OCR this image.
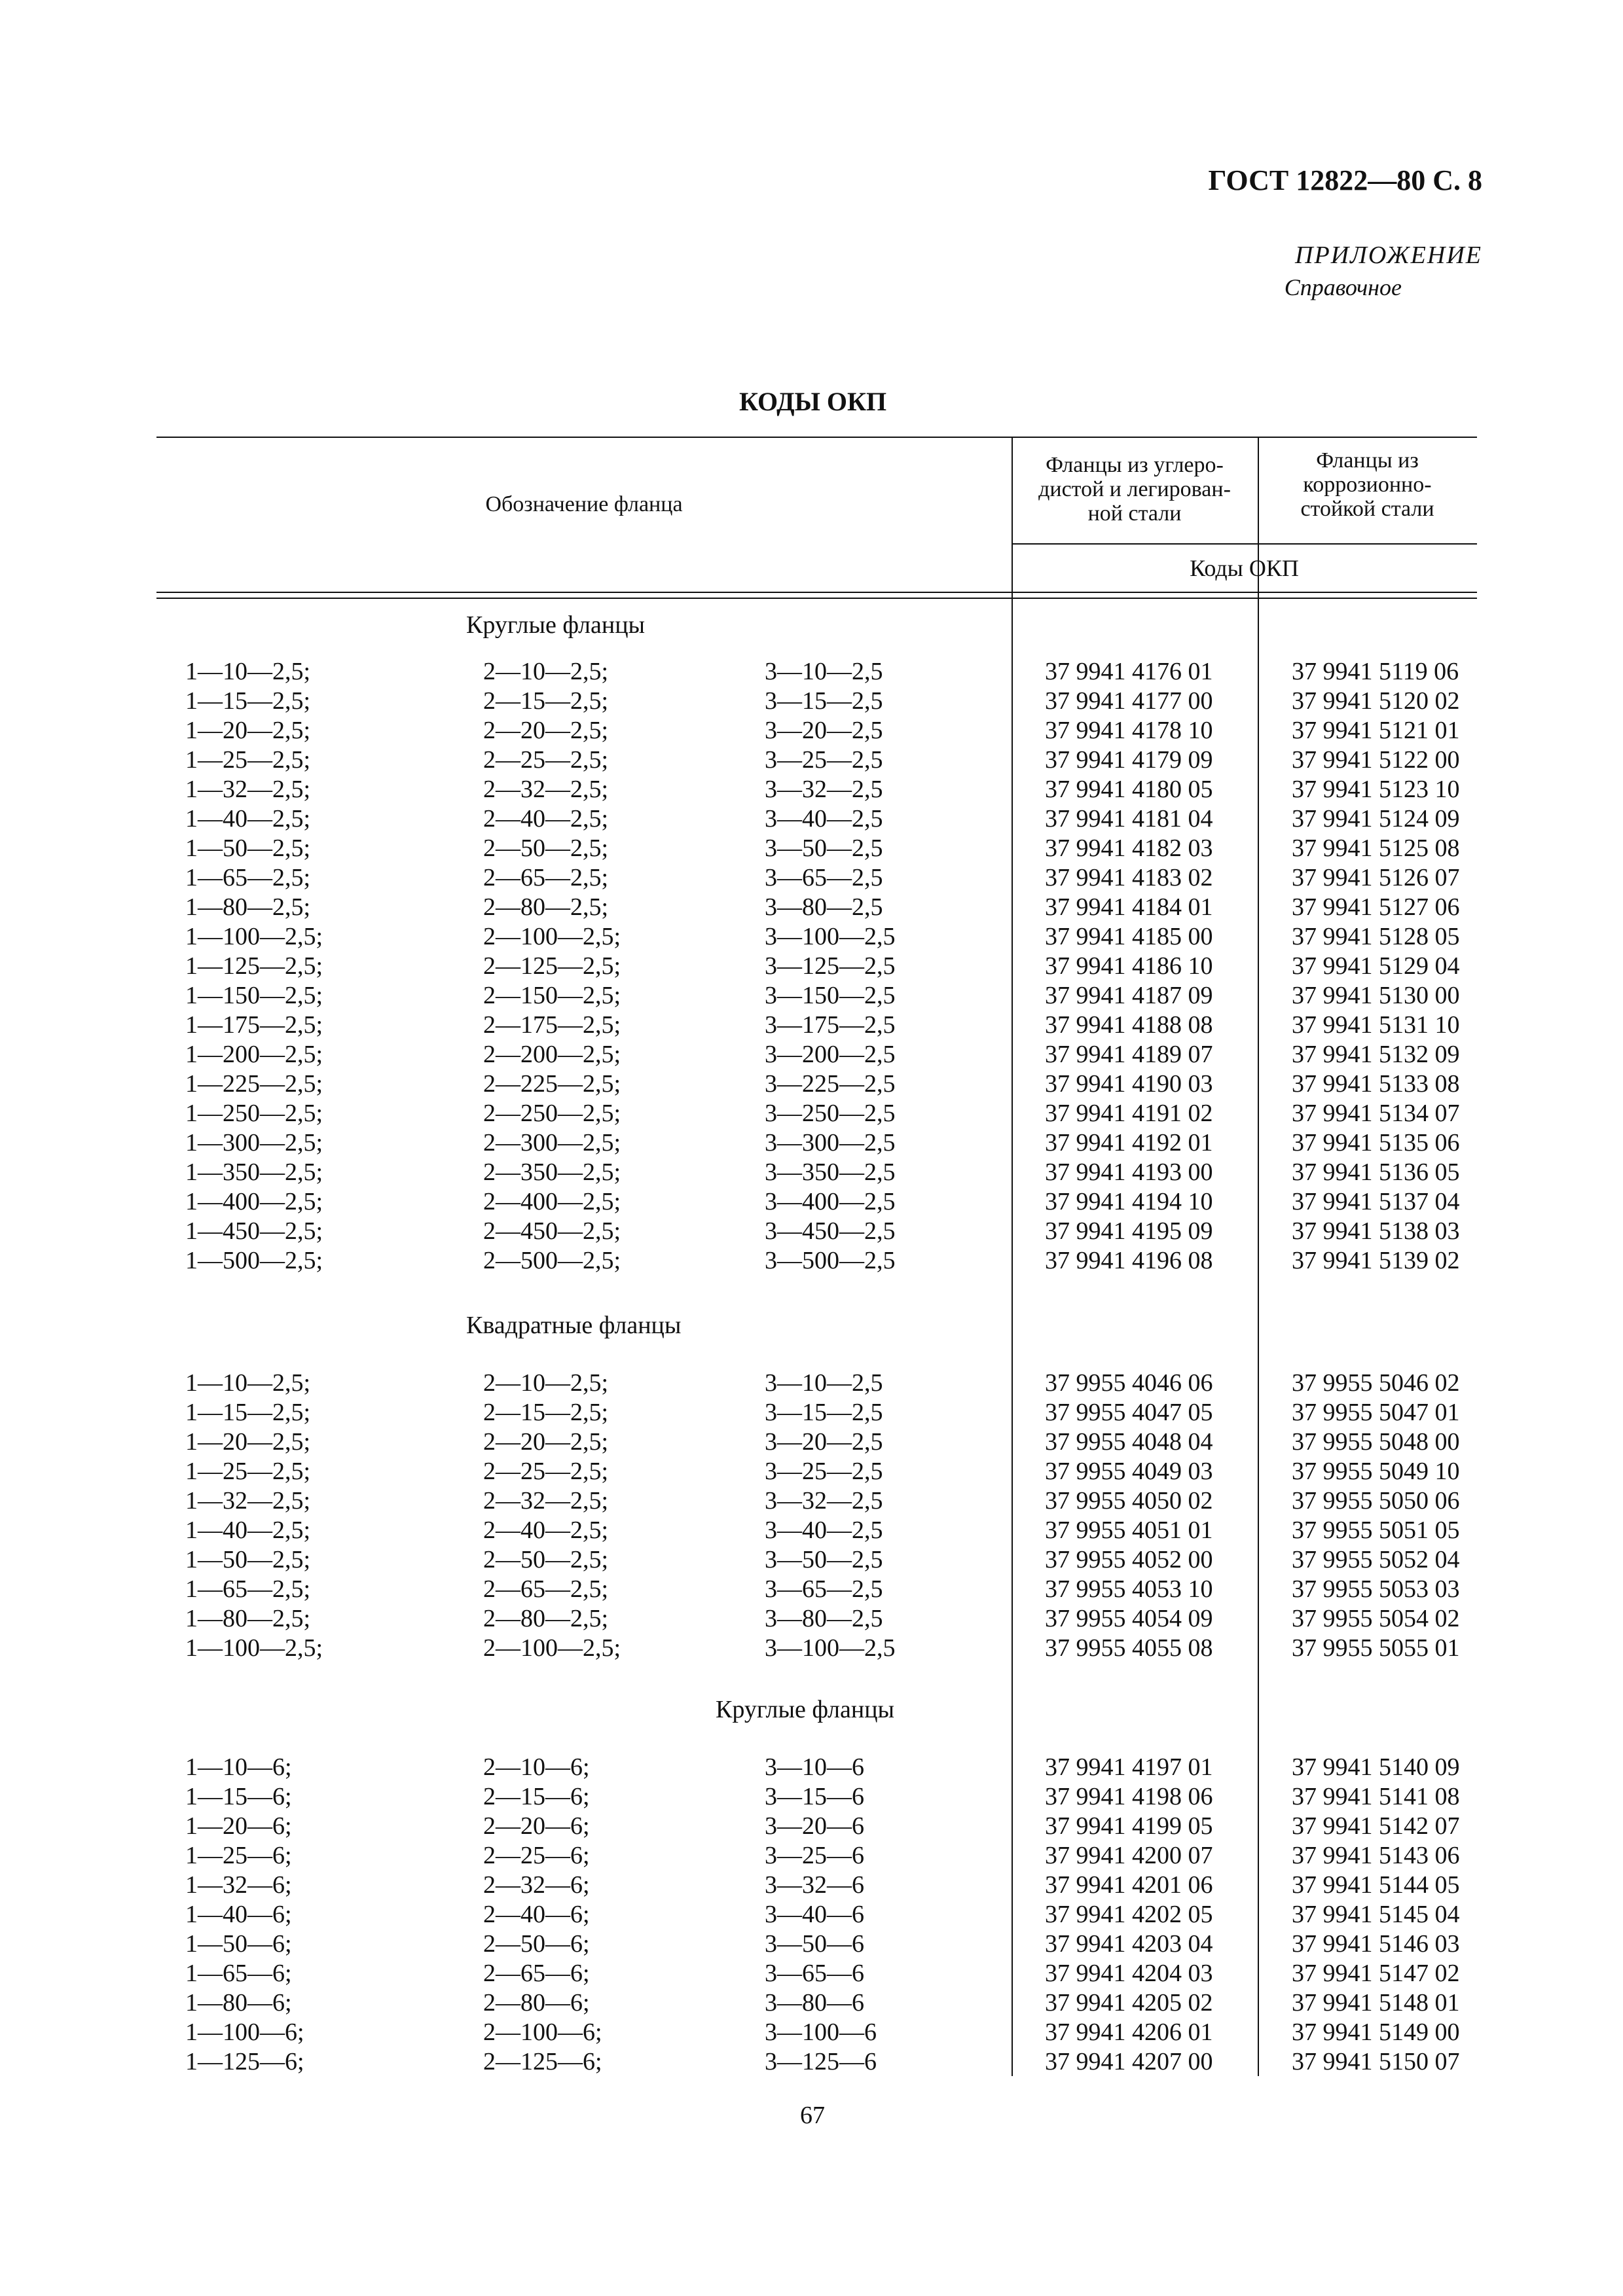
ГОСТ 12822—80 С. 8
ПРИЛОЖЕНИЕ
Справочное
КОДЫ ОКП
Обозначение фланца
Фланцы из углеро-
дистой и легирован-
ной стали
Фланцы из
коррозионно-
стойкой стали
Коды ОКП
Круглые фланцы
1—10—2,5;	2—10—2,5;	3—10—2,5	37 9941 4176 01	37 9941 5119 06
1—15—2,5;	2—15—2,5;	3—15—2,5	37 9941 4177 00	37 9941 5120 02
1—20—2,5;	2—20—2,5;	3—20—2,5	37 9941 4178 10	37 9941 5121 01
1—25—2,5;	2—25—2,5;	3—25—2,5	37 9941 4179 09	37 9941 5122 00
1—32—2,5;	2—32—2,5;	3—32—2,5	37 9941 4180 05	37 9941 5123 10
1—40—2,5;	2—40—2,5;	3—40—2,5	37 9941 4181 04	37 9941 5124 09
1—50—2,5;	2—50—2,5;	3—50—2,5	37 9941 4182 03	37 9941 5125 08
1—65—2,5;	2—65—2,5;	3—65—2,5	37 9941 4183 02	37 9941 5126 07
1—80—2,5;	2—80—2,5;	3—80—2,5	37 9941 4184 01	37 9941 5127 06
1—100—2,5;	2—100—2,5;	3—100—2,5	37 9941 4185 00	37 9941 5128 05
1—125—2,5;	2—125—2,5;	3—125—2,5	37 9941 4186 10	37 9941 5129 04
1—150—2,5;	2—150—2,5;	3—150—2,5	37 9941 4187 09	37 9941 5130 00
1—175—2,5;	2—175—2,5;	3—175—2,5	37 9941 4188 08	37 9941 5131 10
1—200—2,5;	2—200—2,5;	3—200—2,5	37 9941 4189 07	37 9941 5132 09
1—225—2,5;	2—225—2,5;	3—225—2,5	37 9941 4190 03	37 9941 5133 08
1—250—2,5;	2—250—2,5;	3—250—2,5	37 9941 4191 02	37 9941 5134 07
1—300—2,5;	2—300—2,5;	3—300—2,5	37 9941 4192 01	37 9941 5135 06
1—350—2,5;	2—350—2,5;	3—350—2,5	37 9941 4193 00	37 9941 5136 05
1—400—2,5;	2—400—2,5;	3—400—2,5	37 9941 4194 10	37 9941 5137 04
1—450—2,5;	2—450—2,5;	3—450—2,5	37 9941 4195 09	37 9941 5138 03
1—500—2,5;	2—500—2,5;	3—500—2,5	37 9941 4196 08	37 9941 5139 02
Квадратные фланцы
1—10—2,5;	2—10—2,5;	3—10—2,5	37 9955 4046 06	37 9955 5046 02
1—15—2,5;	2—15—2,5;	3—15—2,5	37 9955 4047 05	37 9955 5047 01
1—20—2,5;	2—20—2,5;	3—20—2,5	37 9955 4048 04	37 9955 5048 00
1—25—2,5;	2—25—2,5;	3—25—2,5	37 9955 4049 03	37 9955 5049 10
1—32—2,5;	2—32—2,5;	3—32—2,5	37 9955 4050 02	37 9955 5050 06
1—40—2,5;	2—40—2,5;	3—40—2,5	37 9955 4051 01	37 9955 5051 05
1—50—2,5;	2—50—2,5;	3—50—2,5	37 9955 4052 00	37 9955 5052 04
1—65—2,5;	2—65—2,5;	3—65—2,5	37 9955 4053 10	37 9955 5053 03
1—80—2,5;	2—80—2,5;	3—80—2,5	37 9955 4054 09	37 9955 5054 02
1—100—2,5;	2—100—2,5;	3—100—2,5	37 9955 4055 08	37 9955 5055 01
Круглые фланцы
1—10—6;	2—10—6;	3—10—6	37 9941 4197 01	37 9941 5140 09
1—15—6;	2—15—6;	3—15—6	37 9941 4198 06	37 9941 5141 08
1—20—6;	2—20—6;	3—20—6	37 9941 4199 05	37 9941 5142 07
1—25—6;	2—25—6;	3—25—6	37 9941 4200 07	37 9941 5143 06
1—32—6;	2—32—6;	3—32—6	37 9941 4201 06	37 9941 5144 05
1—40—6;	2—40—6;	3—40—6	37 9941 4202 05	37 9941 5145 04
1—50—6;	2—50—6;	3—50—6	37 9941 4203 04	37 9941 5146 03
1—65—6;	2—65—6;	3—65—6	37 9941 4204 03	37 9941 5147 02
1—80—6;	2—80—6;	3—80—6	37 9941 4205 02	37 9941 5148 01
1—100—6;	2—100—6;	3—100—6	37 9941 4206 01	37 9941 5149 00
1—125—6;	2—125—6;	3—125—6	37 9941 4207 00	37 9941 5150 07
67
